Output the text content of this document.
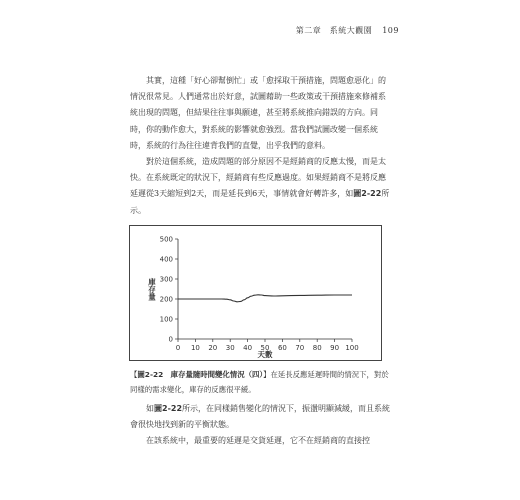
第二章　系統大觀園 109

其實，這種「好心卻幫倒忙」或「愈採取干預措施，問題愈惡化」的情況很常見。人們通常出於好意，試圖藉助一些政策或干預措施來修補系統出現的問題，但結果往往事與願違，甚至將系統推向錯誤的方向。同時，你的動作愈大，對系統的影響就愈強烈。當我們試圖改變一個系統時，系統的行為往往違背我們的直覺，出乎我們的意料。

對於這個系統，造成問題的部分原因不是經銷商的反應太慢，而是太快。在系統既定的狀況下，經銷商有些反應過度。如果經銷商不是將反應延遲從3天縮短到2天，而是延長到6天，事情就會好轉許多，如圖2-22所示。

0
100
200
300
400
500
0 10 20 30 40 50 60 70 80 90 100
庫存量
天數
【圖2-22　庫存量隨時間變化情況（四）】在延長反應延遲時間的情況下，對於同樣的需求變化，庫存的反應很平緩。

如圖2-22所示，在同樣銷售變化的情況下，振盪明顯減緩，而且系統會很快地找到新的平衡狀態。

在該系統中，最重要的延遲是交貨延遲，它不在經銷商的直接控
